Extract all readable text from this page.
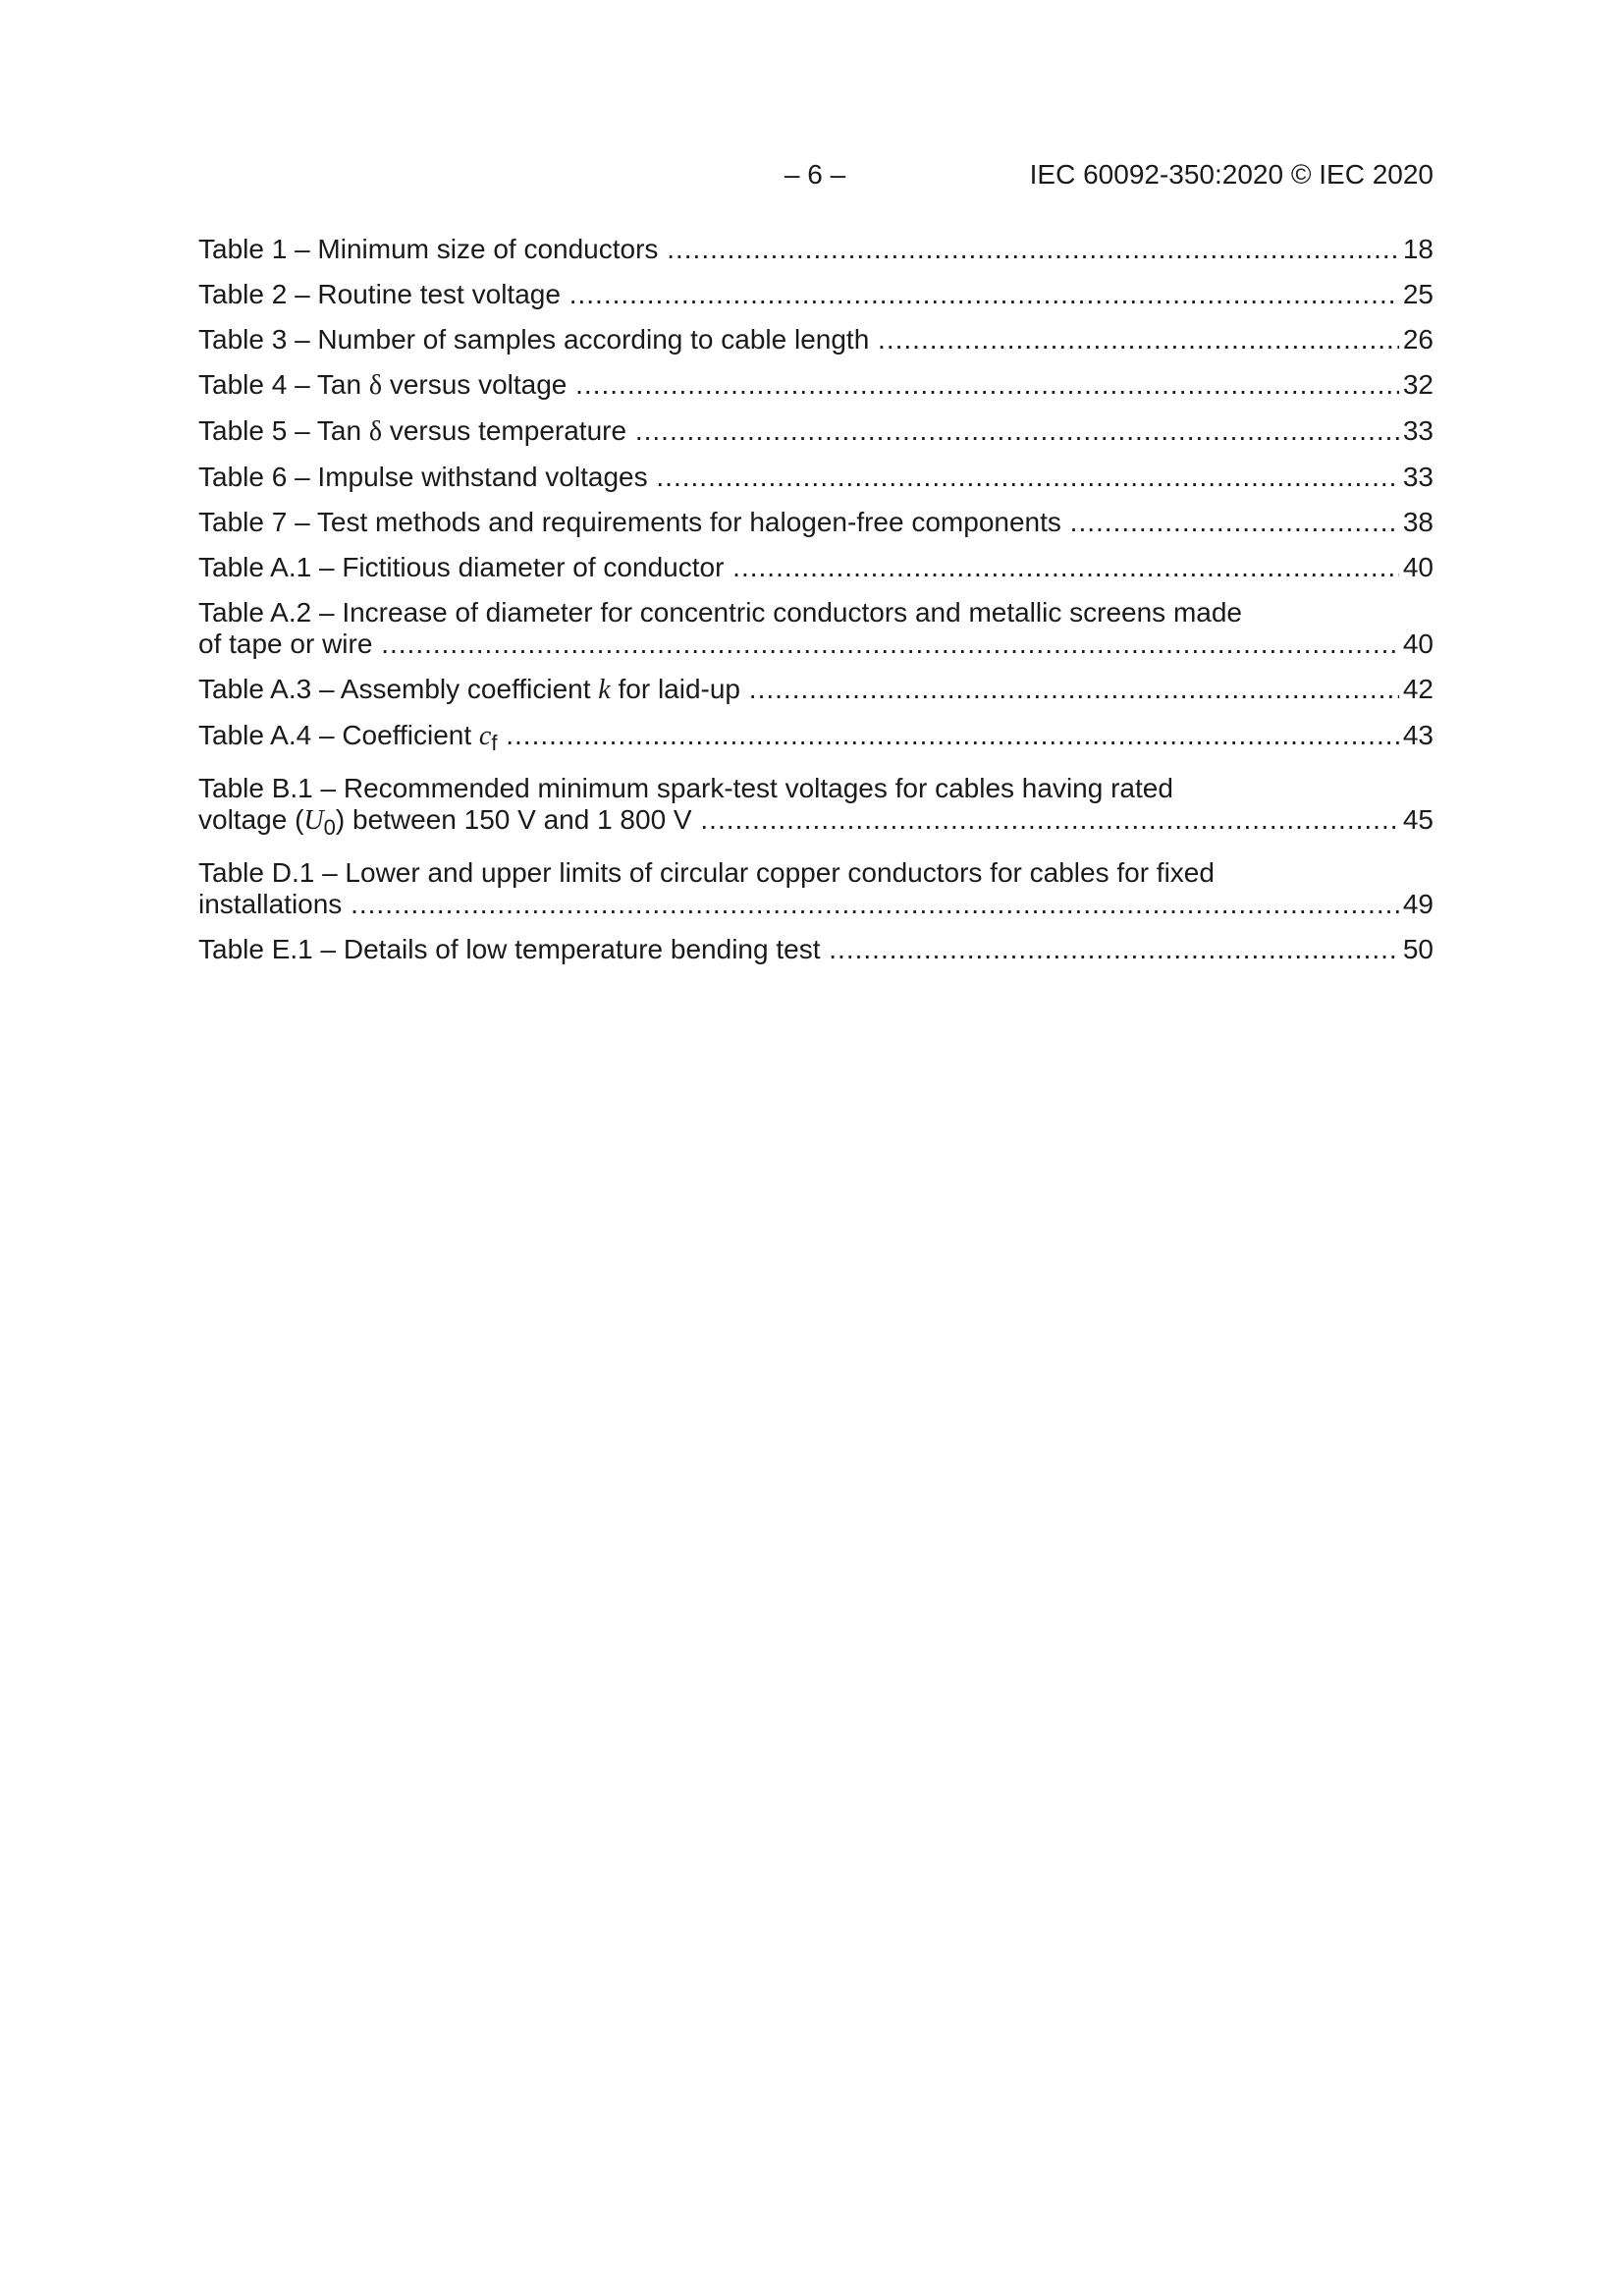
– 6 –	IEC 60092-350:2020 © IEC 2020
Table 1 – Minimum size of conductors .....	18
Table 2 – Routine test voltage .....	25
Table 3 – Number of samples according to cable length .....	26
Table 4 – Tan δ versus voltage .....	32
Table 5 – Tan δ versus temperature .....	33
Table 6 – Impulse withstand voltages .....	33
Table 7 – Test methods and requirements for halogen-free components .....	38
Table A.1 – Fictitious diameter of conductor .....	40
Table A.2 – Increase of diameter for concentric conductors and metallic screens made
of tape or wire .....	40
Table A.3 – Assembly coefficient k for laid-up .....	42
Table A.4 – Coefficient $c_f$ .....	43
Table B.1 – Recommended minimum spark-test voltages for cables having rated
voltage $(U_0)$ between 150 V and 1 800 V .....	45
Table D.1 – Lower and upper limits of circular copper conductors for cables for fixed
installations .....	49
Table E.1 – Details of low temperature bending test .....	50
